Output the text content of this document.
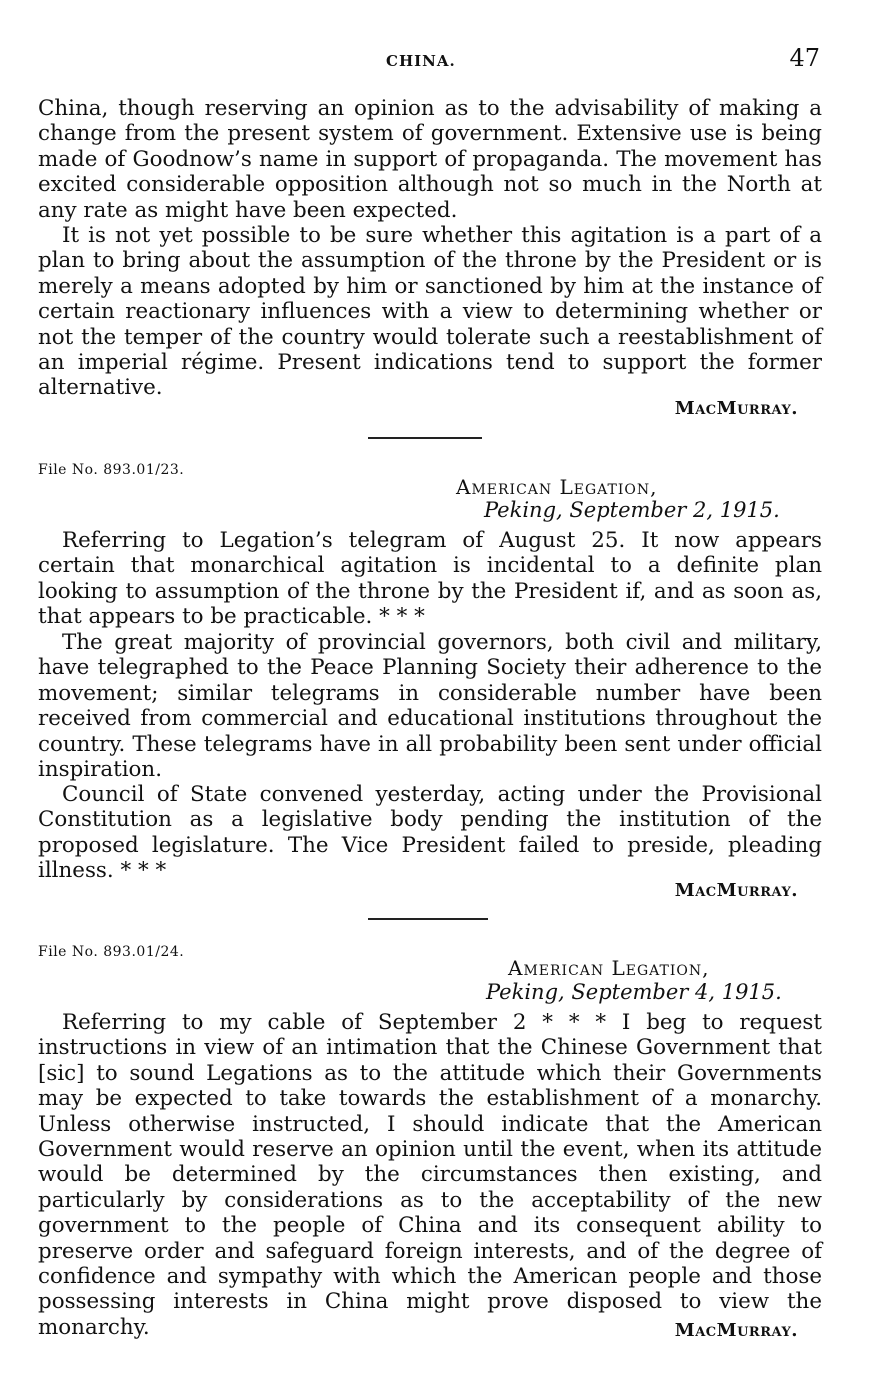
CHINA.	47

China, though reserving an opinion as to the advisability of making a change from the present system of government. Extensive use is being made of Goodnow’s name in support of propaganda. The movement has excited considerable opposition although not so much in the North at any rate as might have been expected.

It is not yet possible to be sure whether this agitation is a part of a plan to bring about the assumption of the throne by the President or is merely a means adopted by him or sanctioned by him at the instance of certain reactionary influences with a view to determining whether or not the temper of the country would tolerate such a reestablishment of an imperial régime. Present indications tend to support the former alternative.

MacMurray.
File No. 893.01/23.
American Legation,
Peking, September 2, 1915.

Referring to Legation’s telegram of August 25. It now appears certain that monarchical agitation is incidental to a definite plan looking to assumption of the throne by the President if, and as soon as, that appears to be practicable. * * *

The great majority of provincial governors, both civil and military, have telegraphed to the Peace Planning Society their adherence to the movement; similar telegrams in considerable number have been received from commercial and educational institutions throughout the country. These telegrams have in all probability been sent under official inspiration.

Council of State convened yesterday, acting under the Provisional Constitution as a legislative body pending the institution of the proposed legislature. The Vice President failed to preside, pleading illness. * * *

MacMurray.
File No. 893.01/24.
American Legation,
Peking, September 4, 1915.

Referring to my cable of September 2 * * * I beg to request instructions in view of an intimation that the Chinese Government that [sic] to sound Legations as to the attitude which their Governments may be expected to take towards the establishment of a monarchy. Unless otherwise instructed, I should indicate that the American Government would reserve an opinion until the event, when its attitude would be determined by the circumstances then existing, and particularly by considerations as to the acceptability of the new government to the people of China and its consequent ability to preserve order and safeguard foreign interests, and of the degree of confidence and sympathy with which the American people and those possessing interests in China might prove disposed to view the monarchy.	MacMurray.
